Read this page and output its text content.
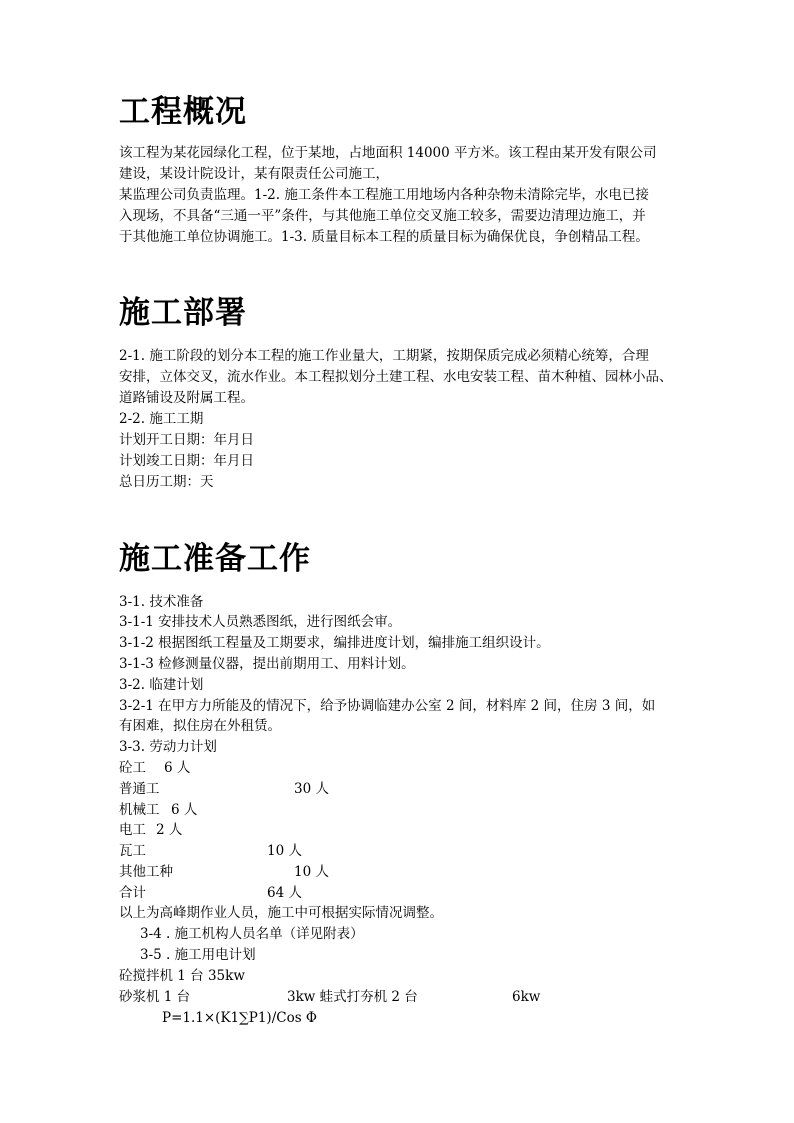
工程概况
该工程为某花园绿化工程，位于某地，占地面积 14000 平方米。该工程由某开发有限公司
建设，某设计院设计，某有限责任公司施工，
某监理公司负责监理。1-2. 施工条件本工程施工用地场内各种杂物未清除完毕，水电已接
入现场，不具备“三通一平”条件，与其他施工单位交叉施工较多，需要边清理边施工，并
于其他施工单位协调施工。1-3. 质量目标本工程的质量目标为确保优良，争创精品工程。
施工部署
2-1. 施工阶段的划分本工程的施工作业量大，工期紧，按期保质完成必须精心统筹，合理
安排，立体交叉，流水作业。本工程拟划分土建工程、水电安装工程、苗木种植、园林小品、
道路铺设及附属工程。
2-2. 施工工期
计划开工日期：年月日
计划竣工日期：年月日
总日历工期：天
施工准备工作
3-1. 技术准备
3-1-1 安排技术人员熟悉图纸，进行图纸会审。
3-1-2 根据图纸工程量及工期要求，编排进度计划，编排施工组织设计。
3-1-3 检修测量仪器，提出前期用工、用料计划。
3-2. 临建计划
3-2-1 在甲方力所能及的情况下，给予协调临建办公室 2 间，材料库 2 间，住房 3 间，如
有困难，拟住房在外租赁。
3-3. 劳动力计划
砼工 6 人
普通工	30 人
机械工 6 人
电工 2 人
瓦工	10 人
其他工种	10 人
合计	64 人
以上为高峰期作业人员，施工中可根据实际情况调整。
3-4 . 施工机构人员名单（详见附表）
3-5 . 施工用电计划
砼搅拌机 1 台 35kw
砂浆机 1 台	3kw 蛙式打夯机 2 台	6kw
P=1.1×(K1∑P1)/Cos Φ
